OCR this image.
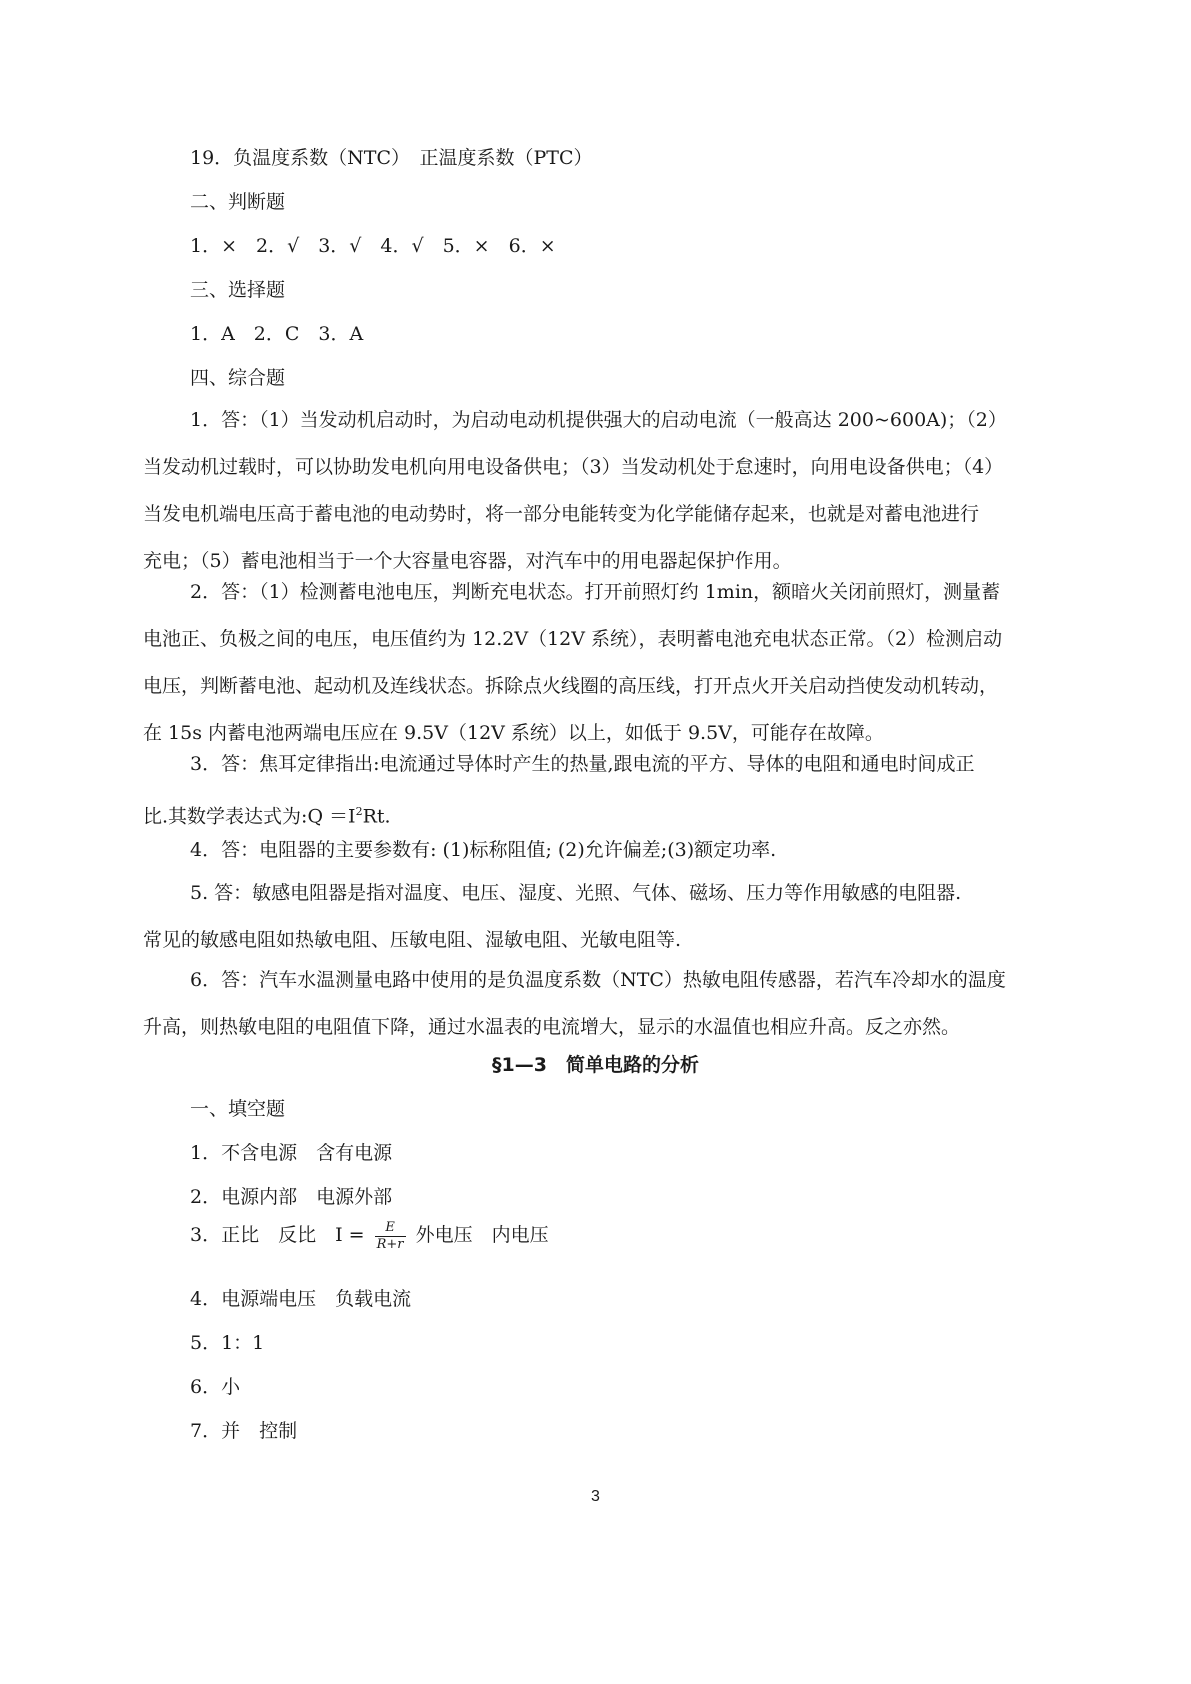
19．负温度系数（NTC）　正温度系数（PTC）
二、判断题
1．×　2．√　3．√　4．√　5．×　6．×
三、选择题
1．A　2．C　3．A
四、综合题
1．答：（1）当发动机启动时，为启动电动机提供强大的启动电流（一般高达 200~600A)；（2）
当发动机过载时，可以协助发电机向用电设备供电；（3）当发动机处于怠速时，向用电设备供电；（4）
当发电机端电压高于蓄电池的电动势时，将一部分电能转变为化学能储存起来，也就是对蓄电池进行
充电；（5）蓄电池相当于一个大容量电容器，对汽车中的用电器起保护作用。
2．答：（1）检测蓄电池电压，判断充电状态。打开前照灯约 1min，额暗火关闭前照灯，测量蓄
电池正、负极之间的电压，电压值约为 12.2V（12V 系统），表明蓄电池充电状态正常。（2）检测启动
电压，判断蓄电池、起动机及连线状态。拆除点火线圈的高压线，打开点火开关启动挡使发动机转动，
在 15s 内蓄电池两端电压应在 9.5V（12V 系统）以上，如低于 9.5V，可能存在故障。
3．答：焦耳定律指出:电流通过导体时产生的热量,跟电流的平方、导体的电阻和通电时间成正
比.其数学表达式为:Q $=I^2Rt$.
4．答：电阻器的主要参数有: (1)标称阻值; (2)允许偏差;(3)额定功率.
5. 答：敏感电阻器是指对温度、电压、湿度、光照、气体、磁场、压力等作用敏感的电阻器.
常见的敏感电阻如热敏电阻、压敏电阻、湿敏电阻、光敏电阻等.
6．答：汽车水温测量电路中使用的是负温度系数（NTC）热敏电阻传感器，若汽车冷却水的温度
升高，则热敏电阻的电阻值下降，通过水温表的电流增大，显示的水温值也相应升高。反之亦然。
§1—3　简单电路的分析
一、填空题
1．不含电源　含有电源
2．电源内部　电源外部
3．正比　反比　$I = \frac{E}{R+r}$ 外电压　内电压
4．电源端电压　负载电流
5．1：1
6．小
7．并　控制
3
